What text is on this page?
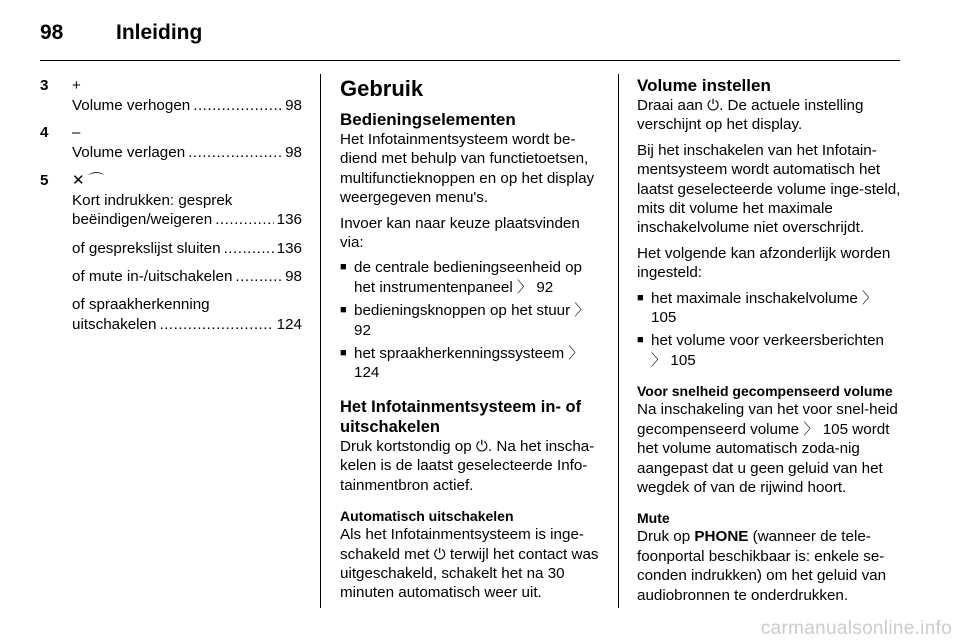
98	Inleiding
3	+
Volume verhogen .....	98
4	–
Volume verlagen .....	98
5	✕ ⌒
Kort indrukken: gesprek
beëindigen/weigeren .....	136
of gesprekslijst sluiten .....	136
of mute in-/uitschakelen .....	98
of spraakherkenning
uitschakelen .....	124
Gebruik
Bedieningselementen

Het Infotainmentsysteem wordt be-diend met behulp van functietoetsen, multifunctieknoppen en op het display weergegeven menu's.

Invoer kan naar keuze plaatsvinden via:

■ de centrale bedieningseenheid op het instrumentenpaneel 〉 92
■ bedieningsknoppen op het stuur 〉 92
■ het spraakherkenningssysteem 〉 124
Het Infotainmentsysteem in- of uitschakelen

Druk kortstondig op ⏻. Na het inscha-kelen is de laatst geselecteerde Info-tainmentbron actief.

Automatisch uitschakelen

Als het Infotainmentsysteem is inge-schakeld met ⏻ terwijl het contact was uitgeschakeld, schakelt het na 30 minuten automatisch weer uit.

Volume instellen

Draai aan ⏻. De actuele instelling verschijnt op het display.

Bij het inschakelen van het Infotain-mentsysteem wordt automatisch het laatst geselecteerde volume inge-steld, mits dit volume het maximale inschakelvolume niet overschrijdt.

Het volgende kan afzonderlijk worden ingesteld:

■ het maximale inschakelvolume 〉 105
■ het volume voor verkeersberichten 〉 105
Voor snelheid gecompenseerd volume

Na inschakeling van het voor snel-heid gecompenseerd volume 〉 105 wordt het volume automatisch zoda-nig aangepast dat u geen geluid van het wegdek of van de rijwind hoort.

Mute

Druk op PHONE (wanneer de tele-foonportal beschikbaar is: enkele se-conden indrukken) om het geluid van audiobronnen te onderdrukken.

carmanualsonline.info
